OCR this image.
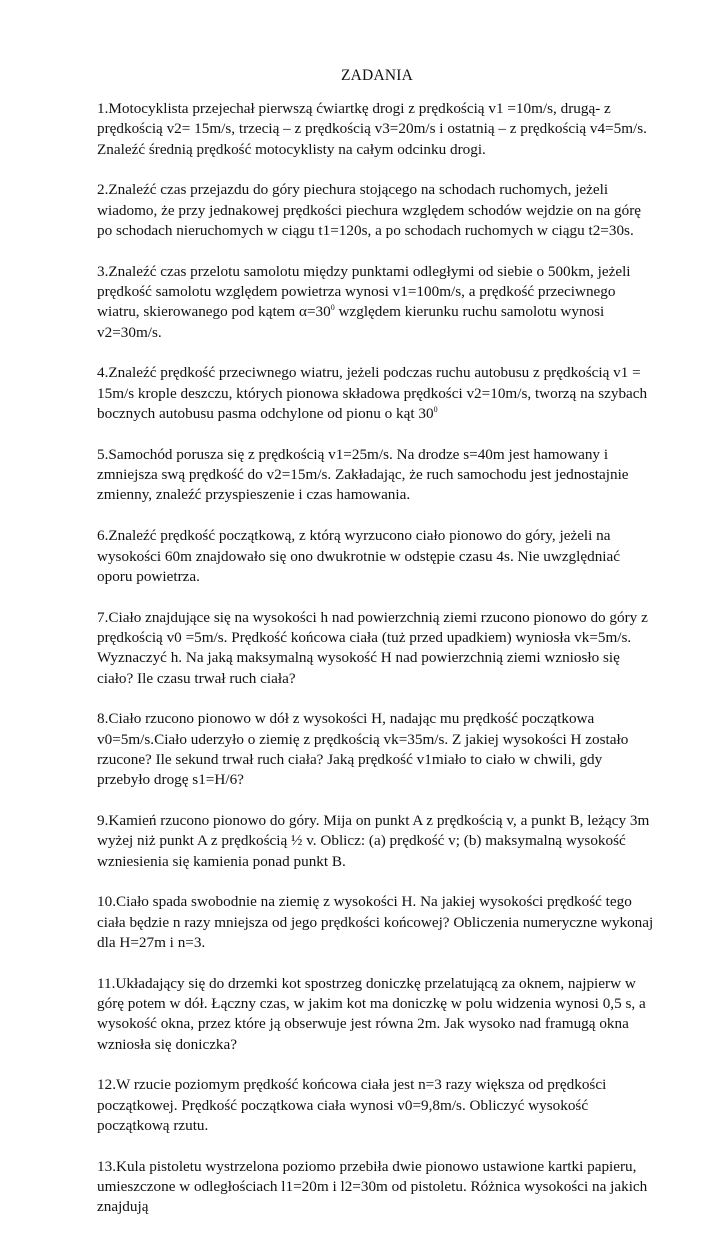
ZADANIA

1.Motocyklista przejechał pierwszą ćwiartkę drogi z prędkością v1 =10m/s, drugą- z prędkością v2= 15m/s, trzecią – z prędkością v3=20m/s i ostatnią – z prędkością v4=5m/s. Znaleźć średnią prędkość motocyklisty na całym odcinku drogi.

2.Znaleźć czas przejazdu do góry piechura stojącego na schodach ruchomych, jeżeli wiadomo, że przy jednakowej prędkości piechura względem schodów wejdzie on na górę po schodach nieruchomych w ciągu t1=120s, a po schodach ruchomych w ciągu t2=30s.

3.Znaleźć czas przelotu samolotu między punktami odległymi od siebie o 500km, jeżeli prędkość samolotu względem powietrza wynosi v1=100m/s, a prędkość przeciwnego wiatru, skierowanego pod kątem $\alpha=30^0$ względem kierunku ruchu samolotu wynosi v2=30m/s.

4.Znaleźć prędkość przeciwnego wiatru, jeżeli podczas ruchu autobusu z prędkością v1 = 15m/s krople deszczu, których pionowa składowa prędkości v2=10m/s, tworzą na szybach bocznych autobusu pasma odchylone od pionu o kąt $30^0$

5.Samochód porusza się z prędkością v1=25m/s. Na drodze s=40m jest hamowany i zmniejsza swą prędkość do v2=15m/s. Zakładając, że ruch samochodu jest jednostajnie zmienny, znaleźć przyspieszenie i czas hamowania.

6.Znaleźć prędkość początkową, z którą wyrzucono ciało pionowo do góry, jeżeli na wysokości 60m znajdowało się ono dwukrotnie w odstępie czasu 4s. Nie uwzględniać oporu powietrza.

7.Ciało znajdujące się na wysokości h nad powierzchnią ziemi rzucono pionowo do góry z prędkością v0 =5m/s. Prędkość końcowa ciała (tuż przed upadkiem) wyniosła vk=5m/s. Wyznaczyć h. Na jaką maksymalną wysokość H nad powierzchnią ziemi wzniosło się ciało? Ile czasu trwał ruch ciała?

8.Ciało rzucono pionowo w dół z wysokości H, nadając mu prędkość początkowa v0=5m/s.Ciało uderzyło o ziemię z prędkością vk=35m/s. Z jakiej wysokości H zostało rzucone? Ile sekund trwał ruch ciała? Jaką prędkość v1miało to ciało w chwili, gdy przebyło drogę s1=H/6?

9.Kamień rzucono pionowo do góry. Mija on punkt A z prędkością v, a punkt B, leżący 3m wyżej niż punkt A z prędkością ½ v. Oblicz: (a) prędkość v; (b) maksymalną wysokość wzniesienia się kamienia ponad punkt B.

10.Ciało spada swobodnie na ziemię z wysokości H. Na jakiej wysokości prędkość tego ciała będzie n razy mniejsza od jego prędkości końcowej? Obliczenia numeryczne wykonaj dla H=27m i n=3.

11.Układający się do drzemki kot spostrzeg doniczkę przelatującą za oknem, najpierw w górę potem w dół. Łączny czas, w jakim kot ma doniczkę w polu widzenia wynosi 0,5 s, a wysokość okna, przez które ją obserwuje jest równa 2m. Jak wysoko nad framugą okna wzniosła się doniczka?

12.W rzucie poziomym prędkość końcowa ciała jest n=3 razy większa od prędkości początkowej. Prędkość początkowa ciała wynosi v0=9,8m/s. Obliczyć wysokość początkową rzutu.

13.Kula pistoletu wystrzelona poziomo przebiła dwie pionowo ustawione kartki papieru, umieszczone w odległościach l1=20m i l2=30m od pistoletu. Różnica wysokości na jakich znajdują
